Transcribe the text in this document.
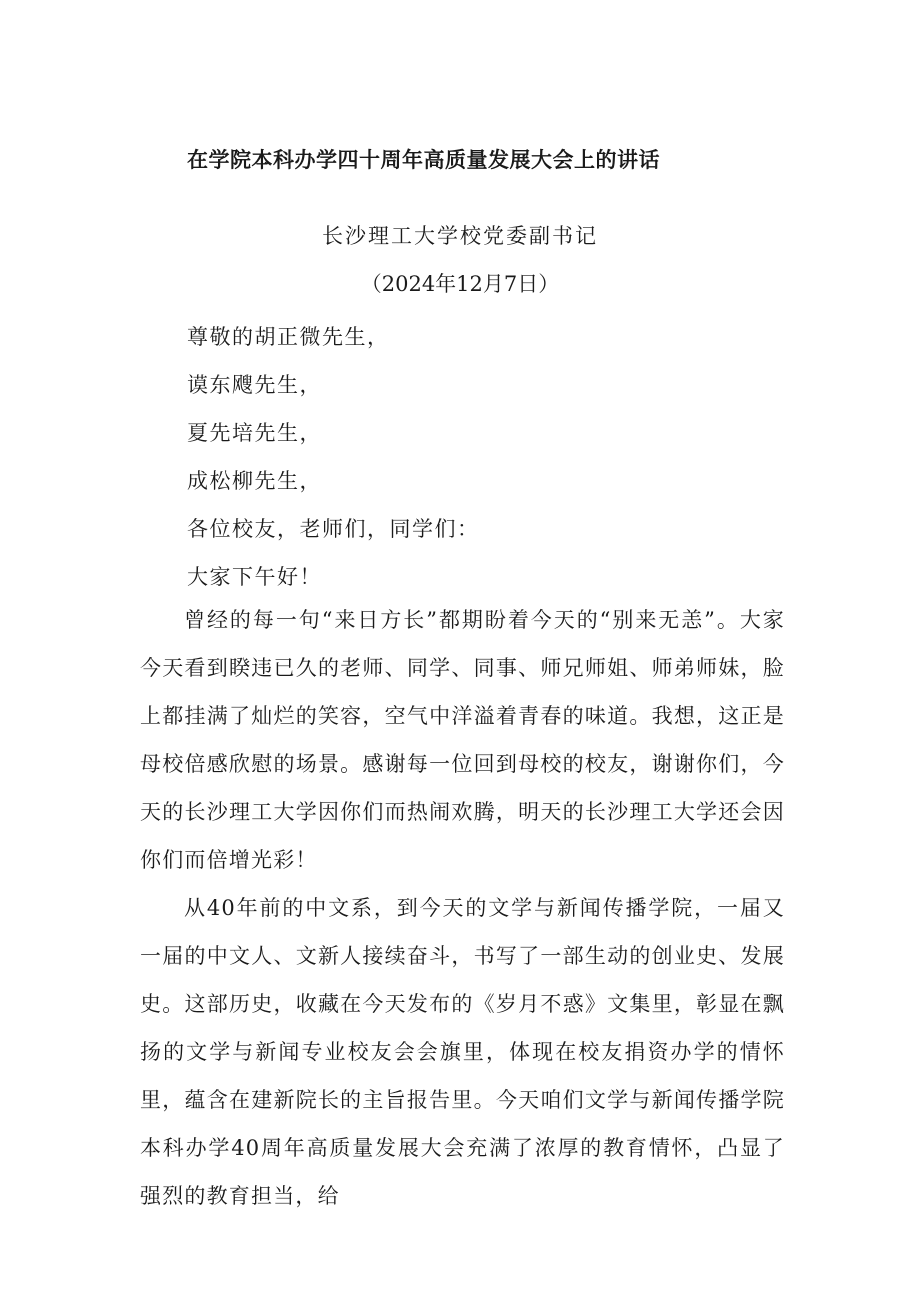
在学院本科办学四十周年高质量发展大会上的讲话
长沙理工大学校党委副书记
（2024年12月7日）
尊敬的胡正微先生，
谟东飕先生，
夏先培先生，
成松柳先生，
各位校友，老师们，同学们：
大家下午好！

曾经的每一句“来日方长”都期盼着今天的“别来无恙”。大家今天看到睽违已久的老师、同学、同事、师兄师姐、师弟师妹，脸上都挂满了灿烂的笑容，空气中洋溢着青春的味道。我想，这正是母校倍感欣慰的场景。感谢每一位回到母校的校友，谢谢你们，今天的长沙理工大学因你们而热闹欢腾，明天的长沙理工大学还会因你们而倍增光彩！

从40年前的中文系，到今天的文学与新闻传播学院，一届又一届的中文人、文新人接续奋斗，书写了一部生动的创业史、发展史。这部历史，收藏在今天发布的《岁月不惑》文集里，彰显在飘扬的文学与新闻专业校友会会旗里，体现在校友捐资办学的情怀里，蕴含在建新院长的主旨报告里。今天咱们文学与新闻传播学院本科办学40周年高质量发展大会充满了浓厚的教育情怀，凸显了强烈的教育担当，给
